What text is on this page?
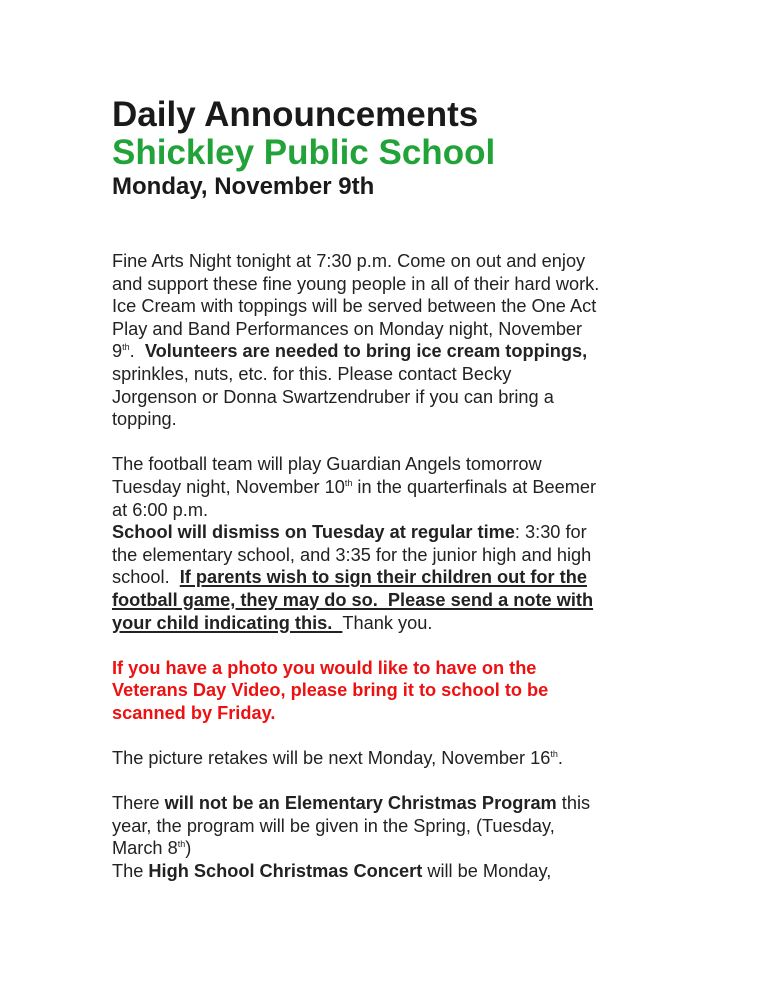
Daily Announcements
Shickley Public School
Monday, November 9th

Fine Arts Night tonight at 7:30 p.m. Come on out and enjoy

and support these fine young people in all of their hard work.

Ice Cream with toppings will be served between the One Act

Play and Band Performances on Monday night, November

9th.  Volunteers are needed to bring ice cream toppings,

sprinkles, nuts, etc. for this. Please contact Becky

Jorgenson or Donna Swartzendruber if you can bring a

topping.

The football team will play Guardian Angels tomorrow

Tuesday night, November 10th in the quarterfinals at Beemer

at 6:00 p.m.

School will dismiss on Tuesday at regular time: 3:30 for

the elementary school, and 3:35 for the junior high and high

school.  If parents wish to sign their children out for the

football game, they may do so.  Please send a note with

your child indicating this.  Thank you.

If you have a photo you would like to have on the

Veterans Day Video, please bring it to school to be

scanned by Friday.

The picture retakes will be next Monday, November 16th.

There will not be an Elementary Christmas Program this

year, the program will be given in the Spring, (Tuesday,

March 8th)

The High School Christmas Concert will be Monday,
